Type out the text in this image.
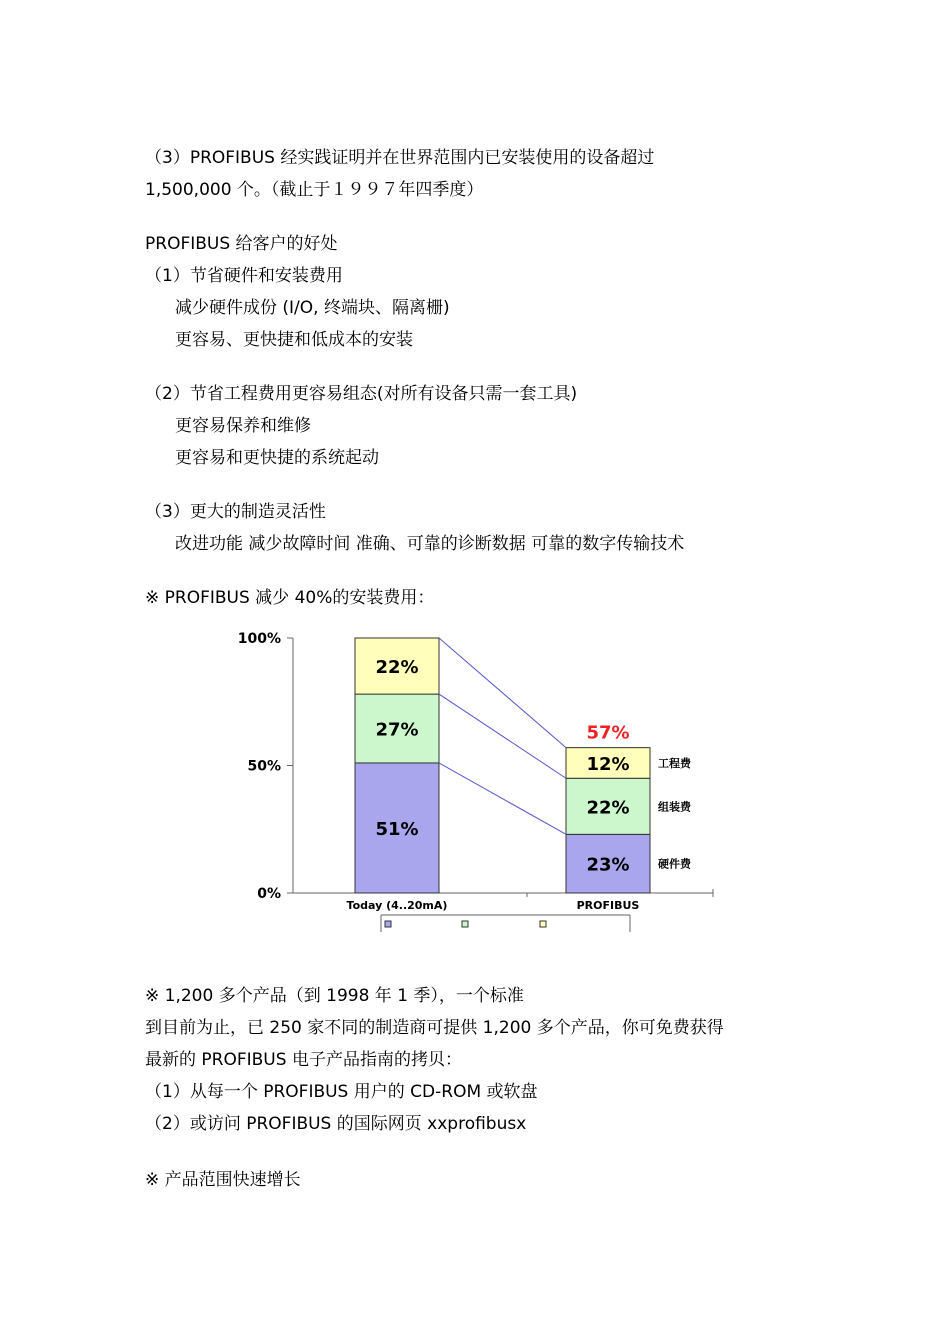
（3）PROFIBUS 经实践证明并在世界范围内已安装使用的设备超过
1,500,000 个。（截止于１９９７年四季度）
PROFIBUS 给客户的好处
（1）节省硬件和安装费用
减少硬件成份 (I/O, 终端块、隔离栅)
更容易、更快捷和低成本的安装
（2）节省工程费用更容易组态(对所有设备只需一套工具)
更容易保养和维修
更容易和更快捷的系统起动
（3）更大的制造灵活性
改进功能 减少故障时间 准确、可靠的诊断数据 可靠的数字传输技术
※ PROFIBUS 减少 40%的安装费用：
0%
50%
100%
51%
27%
22%
Today (4..20mA)
23%
22%
12%
PROFIBUS
57%
硬件费
组装费
工程费
※ 1,200 多个产品（到 1998 年 1 季），一个标准
到目前为止，已 250 家不同的制造商可提供 1,200 多个产品，你可免费获得
最新的 PROFIBUS 电子产品指南的拷贝：
（1）从每一个 PROFIBUS 用户的 CD-ROM 或软盘
（2）或访问 PROFIBUS 的国际网页 xxprofibusx
※ 产品范围快速增长
